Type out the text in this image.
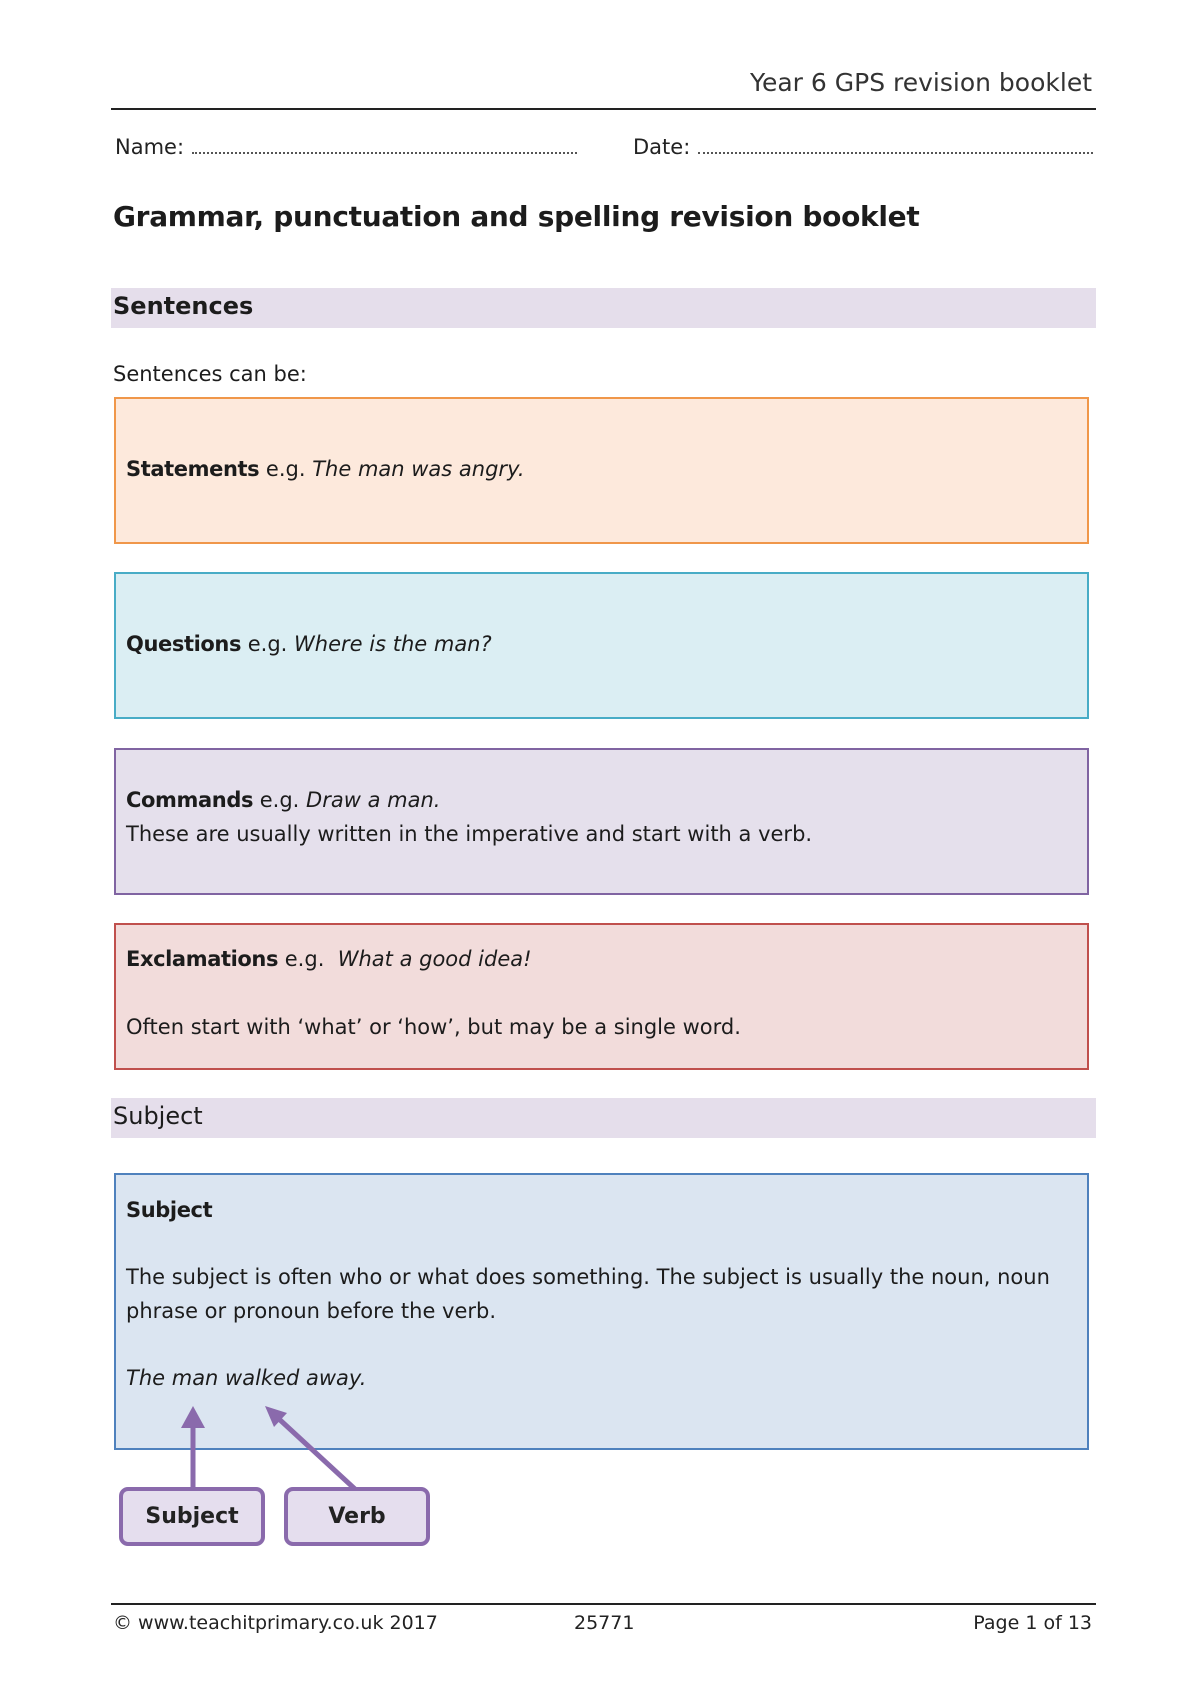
Year 6 GPS revision booklet
Name:	Date:
Grammar, punctuation and spelling revision booklet
Sentences
Sentences can be:
Statements e.g. The man was angry.
Questions e.g. Where is the man?
Commands e.g. Draw a man.
These are usually written in the imperative and start with a verb.
Exclamations e.g. What a good idea!
Often start with ‘what’ or ‘how’, but may be a single word.
Subject
Subject
The subject is often who or what does something. The subject is usually the noun, noun phrase or pronoun before the verb.
The man walked away.
Subject	Verb
© www.teachitprimary.co.uk 2017	25771	Page 1 of 13
